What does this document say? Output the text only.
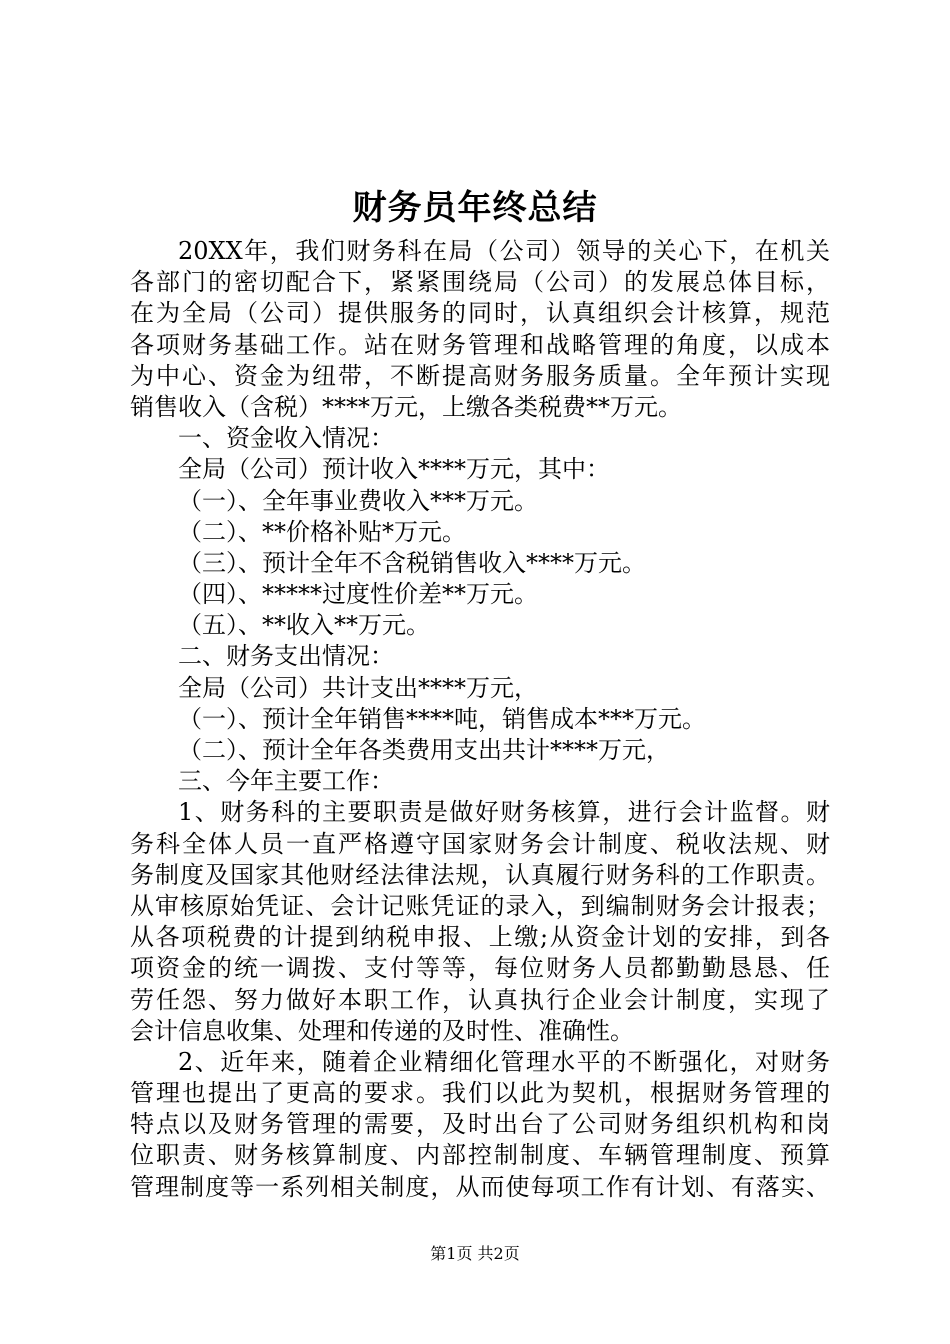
财务员年终总结
20XX年，我们财务科在局（公司）领导的关心下，在机关
各部门的密切配合下，紧紧围绕局（公司）的发展总体目标，
在为全局（公司）提供服务的同时，认真组织会计核算，规范
各项财务基础工作。站在财务管理和战略管理的角度，以成本
为中心、资金为纽带，不断提高财务服务质量。全年预计实现
销售收入（含税）****万元，上缴各类税费**万元。
一、资金收入情况：
全局（公司）预计收入****万元，其中：
（一）、全年事业费收入***万元。
（二）、**价格补贴*万元。
（三）、预计全年不含税销售收入****万元。
（四）、*****过度性价差**万元。
（五）、**收入**万元。
二、财务支出情况：
全局（公司）共计支出****万元，
（一）、预计全年销售****吨，销售成本***万元。
（二）、预计全年各类费用支出共计****万元，
三、今年主要工作：
1、财务科的主要职责是做好财务核算，进行会计监督。财
务科全体人员一直严格遵守国家财务会计制度、税收法规、财
务制度及国家其他财经法律法规，认真履行财务科的工作职责。
从审核原始凭证、会计记账凭证的录入，到编制财务会计报表；
从各项税费的计提到纳税申报、上缴;从资金计划的安排，到各
项资金的统一调拨、支付等等，每位财务人员都勤勤恳恳、任
劳任怨、努力做好本职工作，认真执行企业会计制度，实现了
会计信息收集、处理和传递的及时性、准确性。
2、近年来，随着企业精细化管理水平的不断强化，对财务
管理也提出了更高的要求。我们以此为契机，根据财务管理的
特点以及财务管理的需要，及时出台了公司财务组织机构和岗
位职责、财务核算制度、内部控制制度、车辆管理制度、预算
管理制度等一系列相关制度，从而使每项工作有计划、有落实、
第1页 共2页
